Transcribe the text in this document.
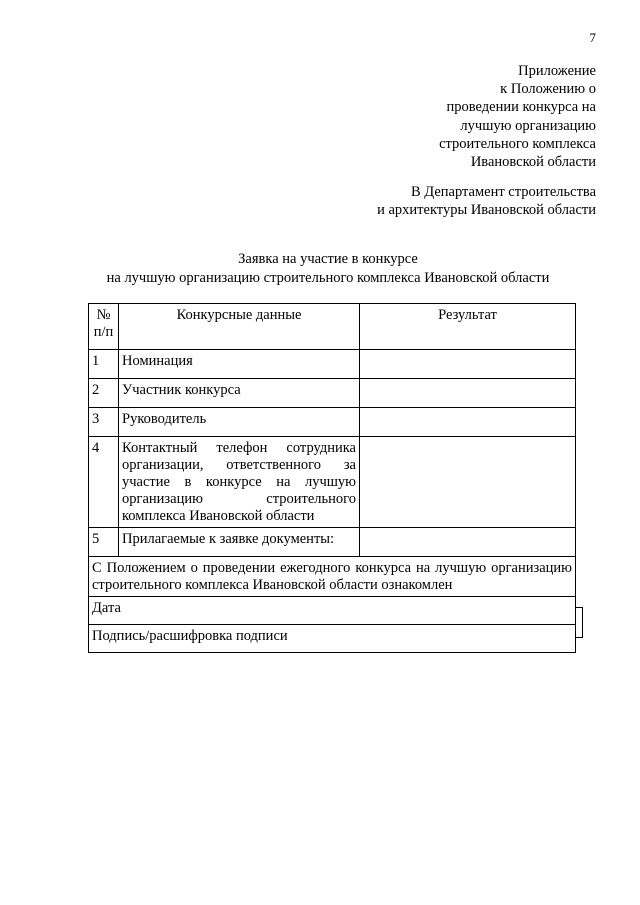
7
Приложение
к Положению о
проведении конкурса на
лучшую организацию
строительного комплекса
Ивановской области
В Департамент строительства
и архитектуры Ивановской области
Заявка на участие в конкурсе
на лучшую организацию строительного комплекса Ивановской области
№ п/п	Конкурсные данные	Результат
1	Номинация	
2	Участник конкурса	
3	Руководитель	
4	Контактный телефон сотрудника организации, ответственного за участие в конкурсе на лучшую организацию строительного комплекса Ивановской области	
5	Прилагаемые к заявке документы:	
С Положением о проведении ежегодного конкурса на лучшую организацию строительного комплекса Ивановской области ознакомлен		
Дата		
Подпись/расшифровка подписи		
